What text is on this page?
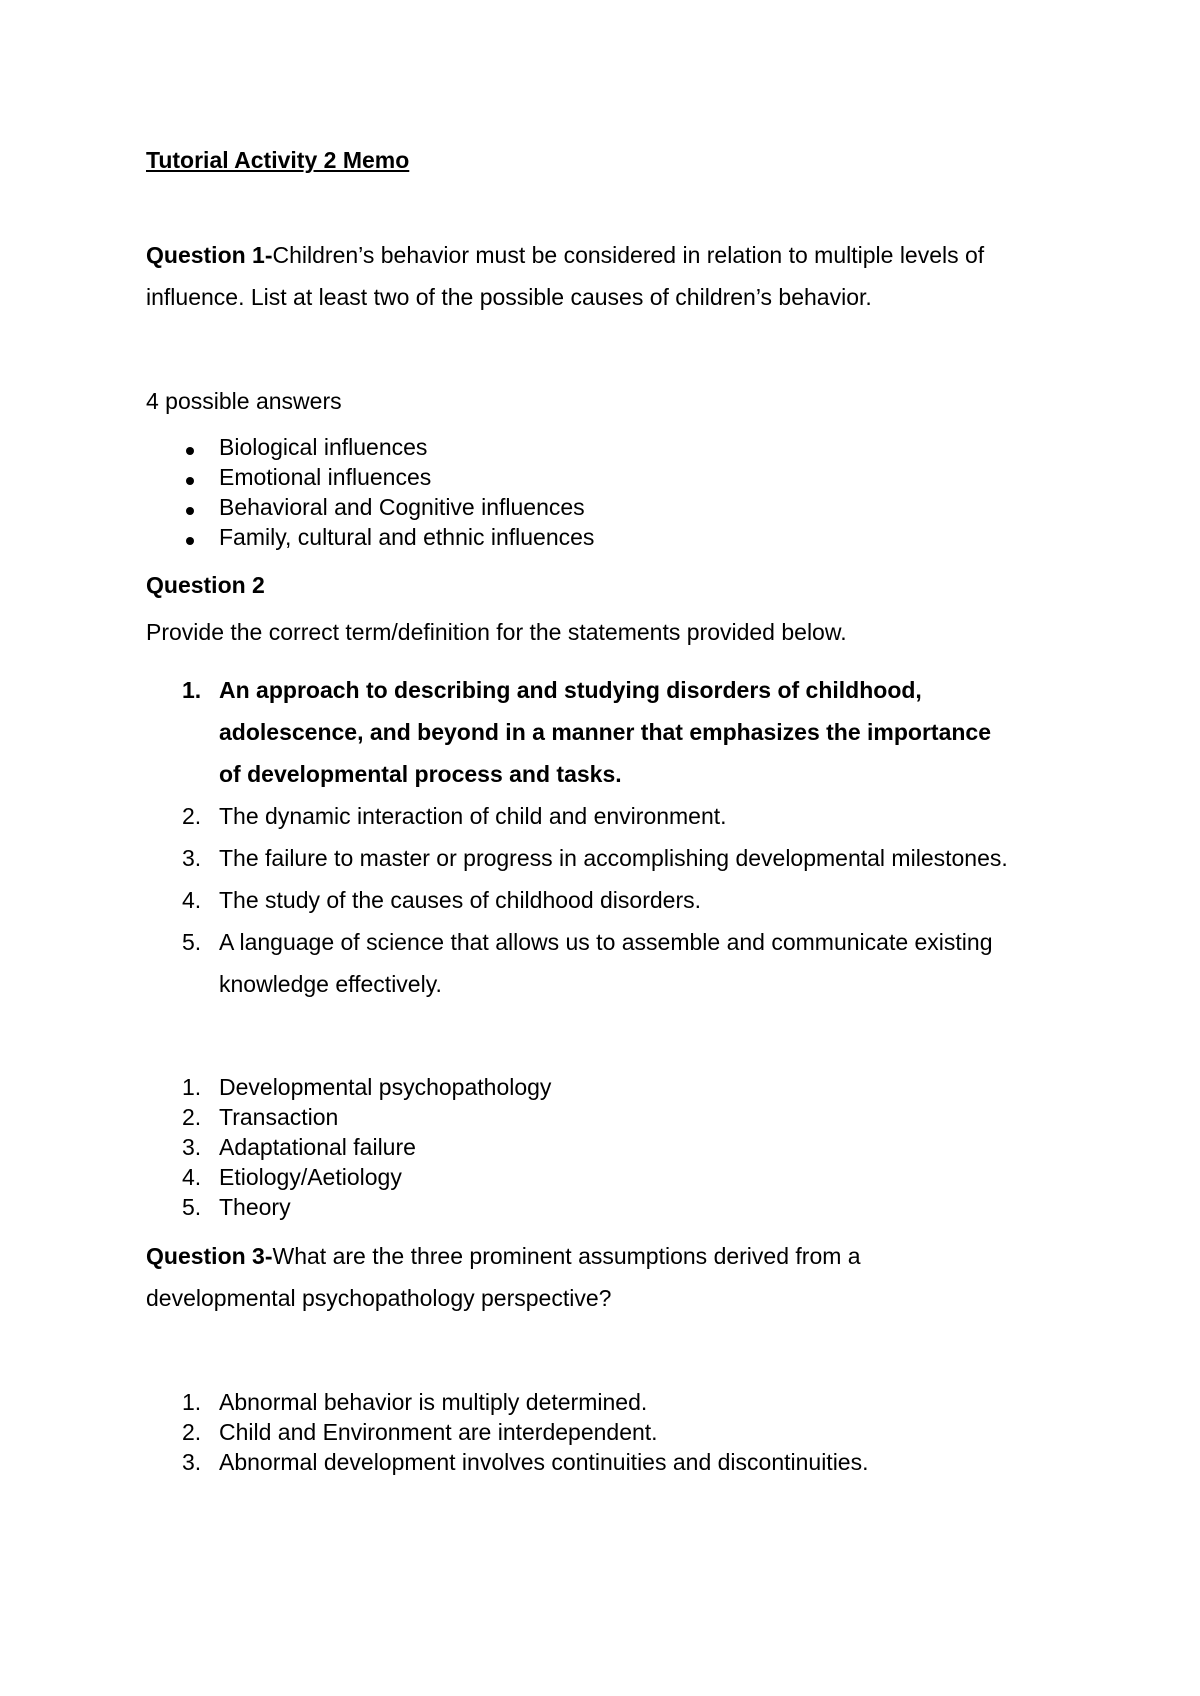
Tutorial Activity 2 Memo
Question 1-Children’s behavior must be considered in relation to multiple levels of
influence. List at least two of the possible causes of children’s behavior.
4 possible answers
Biological influences
Emotional influences
Behavioral and Cognitive influences
Family, cultural and ethnic influences
Question 2
Provide the correct term/definition for the statements provided below.
1. An approach to describing and studying disorders of childhood,
adolescence, and beyond in a manner that emphasizes the importance
of developmental process and tasks.
2. The dynamic interaction of child and environment.
3. The failure to master or progress in accomplishing developmental milestones.
4. The study of the causes of childhood disorders.
5. A language of science that allows us to assemble and communicate existing
knowledge effectively.
1. Developmental psychopathology
2. Transaction
3. Adaptational failure
4. Etiology/Aetiology
5. Theory
Question 3-What are the three prominent assumptions derived from a
developmental psychopathology perspective?
1. Abnormal behavior is multiply determined.
2. Child and Environment are interdependent.
3. Abnormal development involves continuities and discontinuities.
